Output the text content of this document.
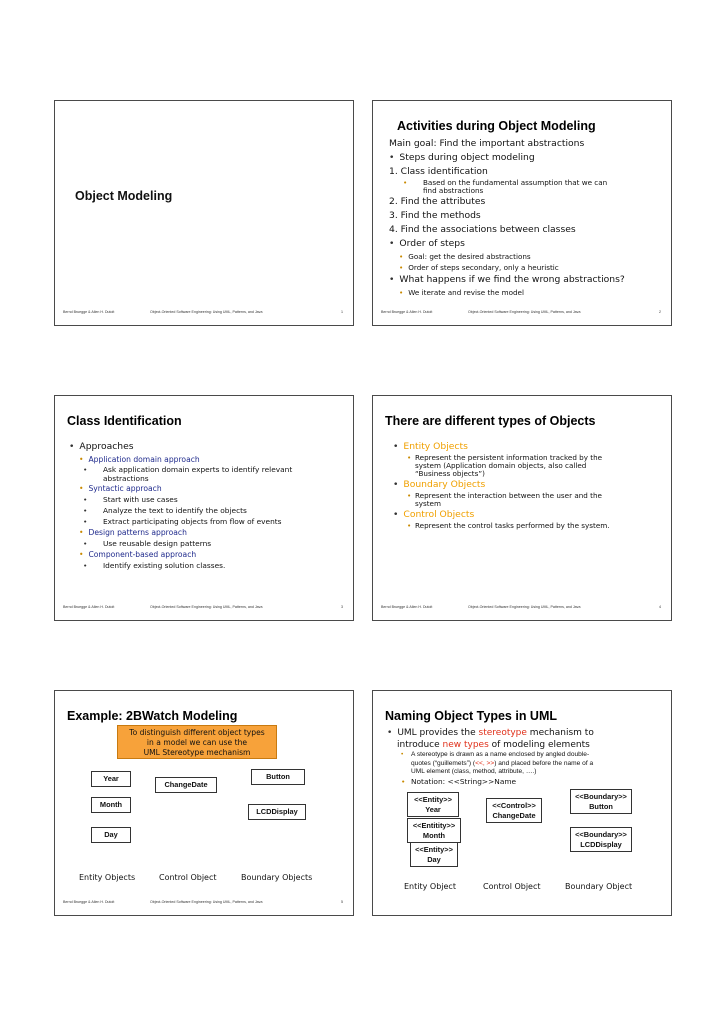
Object Modeling
Bernd Bruegge & Allen H. Dutoit	Object-Oriented Software Engineering: Using UML, Patterns, and Java	1
Activities during Object Modeling
Main goal: Find the important abstractions
• Steps during object modeling
1. Class identification
• Based on the fundamental assumption that we can
find abstractions
2. Find the attributes
3. Find the methods
4. Find the associations between classes
• Order of steps
• Goal: get the desired abstractions
• Order of steps secondary, only a heuristic
• What happens if we find the wrong abstractions?
• We iterate and revise the model
Bernd Bruegge & Allen H. Dutoit	Object-Oriented Software Engineering: Using UML, Patterns, and Java	2
Class Identification
• Approaches
• Application domain approach
• Ask application domain experts to identify relevant
abstractions
• Syntactic approach
• Start with use cases
• Analyze the text to identify the objects
• Extract participating objects from flow of events
• Design patterns approach
• Use reusable design patterns
• Component-based approach
• Identify existing solution classes.
Bernd Bruegge & Allen H. Dutoit	Object-Oriented Software Engineering: Using UML, Patterns, and Java	3
There are different types of Objects
• Entity Objects
• Represent the persistent information tracked by the
system (Application domain objects, also called
“Business objects”)
• Boundary Objects
• Represent the interaction between the user and the
system
• Control Objects
• Represent the control tasks performed by the system.
Bernd Bruegge & Allen H. Dutoit	Object-Oriented Software Engineering: Using UML, Patterns, and Java	4
Example: 2BWatch Modeling
To distinguish different object types
in a model we can use the
UML Stereotype mechanism
Year
ChangeDate
Button
Month
LCDDisplay
Day
Entity Objects	Control Object	Boundary Objects
Bernd Bruegge & Allen H. Dutoit	Object-Oriented Software Engineering: Using UML, Patterns, and Java	5
Naming Object Types in UML
• UML provides the stereotype mechanism to
introduce new types of modeling elements
• A stereotype is drawn as a name enclosed by angled double-
quotes (“guillemets”) (<<, >>) and placed before the name of a
UML element (class, method, attribute, ….)
• Notation: <<String>>Name
<<Entity>>
Year	<<Control>>
ChangeDate
<<Boundary>>
Button
<<Entitity>>
Month	<<Boundary>>
LCDDisplay
<<Entity>>
Day
Entity Object	Control Object	Boundary Object
